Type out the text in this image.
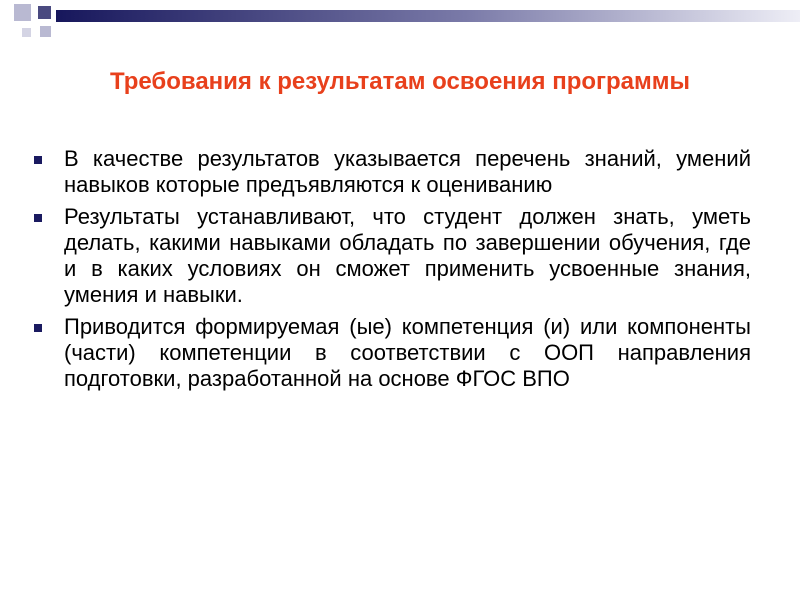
Требования к результатам освоения программы
В качестве результатов указывается перечень знаний, умений навыков которые предъявляются к оцениванию
Результаты устанавливают, что студент должен знать, уметь делать, какими навыками обладать по завершении обучения, где и в каких условиях он сможет применить усвоенные знания, умения и навыки.
Приводится формируемая (ые) компетенция (и) или компоненты (части) компетенции в соответствии с ООП направления подготовки, разработанной на основе ФГОС ВПО
